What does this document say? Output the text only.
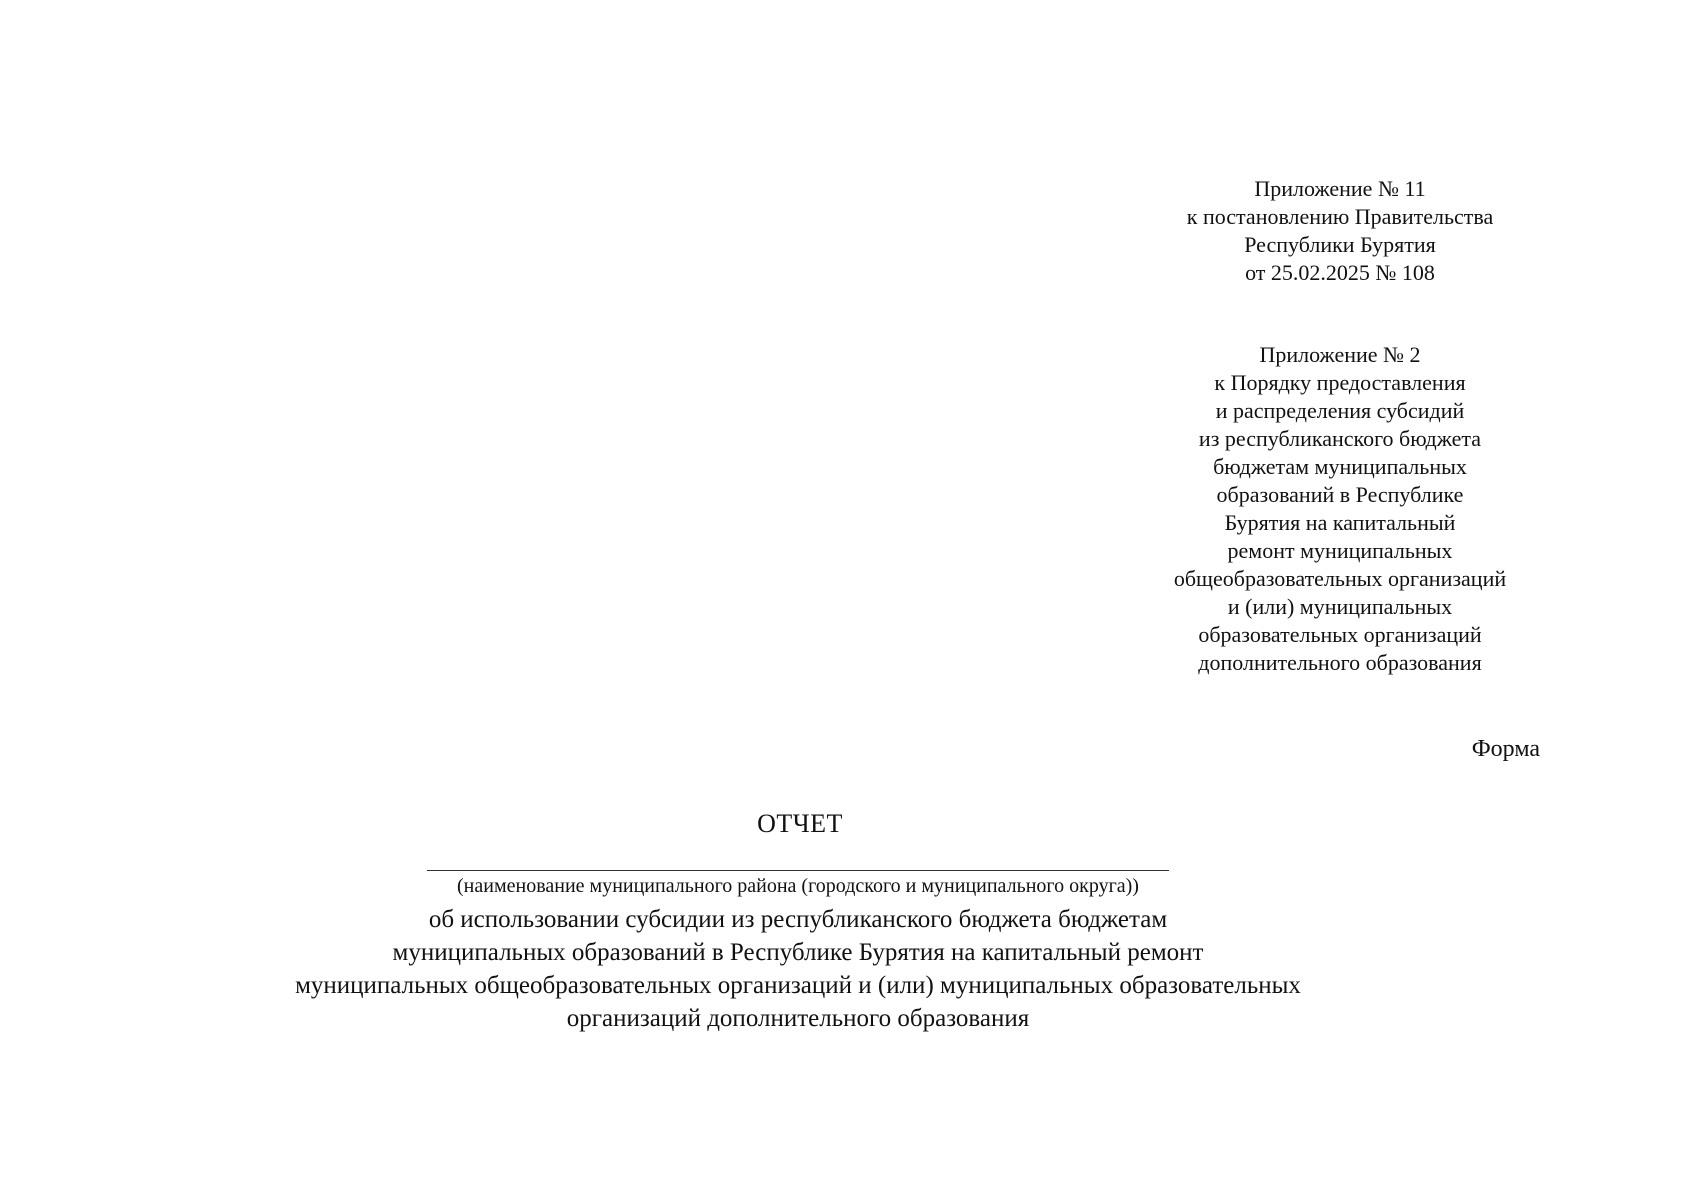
Приложение № 11
к постановлению Правительства
Республики Бурятия
от 25.02.2025 № 108
Приложение № 2
к Порядку предоставления
и распределения субсидий
из республиканского бюджета
бюджетам муниципальных
образований в Республике
Бурятия на капитальный
ремонт муниципальных
общеобразовательных организаций
и (или) муниципальных
образовательных организаций
дополнительного образования
Форма
ОТЧЕТ
(наименование муниципального района (городского и муниципального округа))
об использовании субсидии из республиканского бюджета бюджетам
муниципальных образований в Республике Бурятия на капитальный ремонт
муниципальных общеобразовательных организаций и (или) муниципальных образовательных
организаций дополнительного образования
